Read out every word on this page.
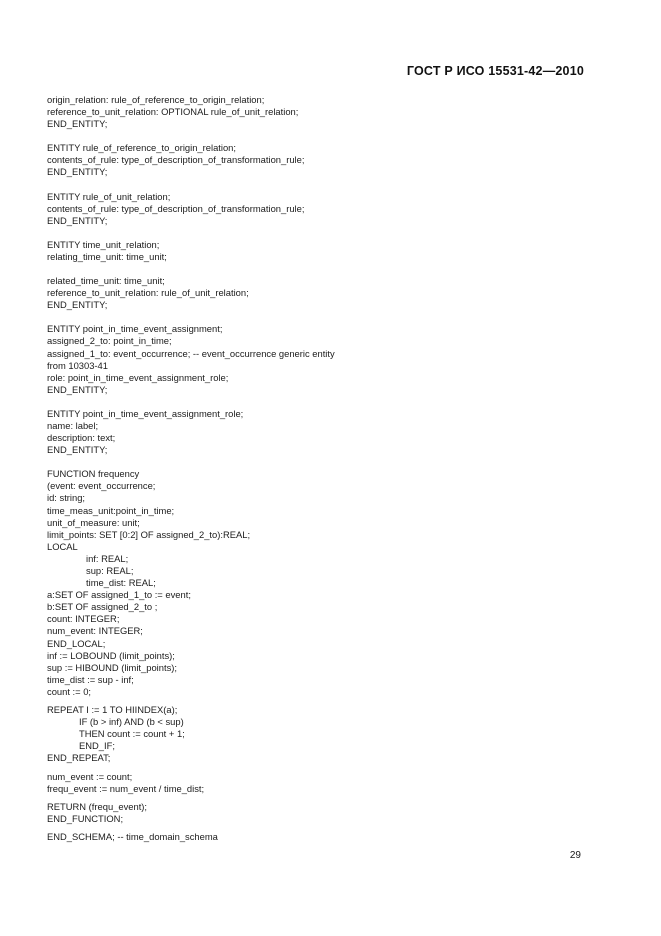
ГОСТ Р ИСО 15531-42—2010
origin_relation: rule_of_reference_to_origin_relation;
reference_to_unit_relation: OPTIONAL rule_of_unit_relation;
END_ENTITY;
ENTITY rule_of_reference_to_origin_relation;
contents_of_rule: type_of_description_of_transformation_rule;
END_ENTITY;
ENTITY rule_of_unit_relation;
contents_of_rule: type_of_description_of_transformation_rule;
END_ENTITY;
ENTITY time_unit_relation;
relating_time_unit: time_unit;
related_time_unit: time_unit;
reference_to_unit_relation: rule_of_unit_relation;
END_ENTITY;
ENTITY point_in_time_event_assignment;
assigned_2_to: point_in_time;
assigned_1_to: event_occurrence; -- event_occurrence generic entity
from 10303-41
role: point_in_time_event_assignment_role;
END_ENTITY;
ENTITY point_in_time_event_assignment_role;
name: label;
description: text;
END_ENTITY;
FUNCTION frequency
(event: event_occurrence;
id: string;
time_meas_unit:point_in_time;
unit_of_measure: unit;
limit_points: SET [0:2] OF assigned_2_to):REAL;
LOCAL
inf: REAL;
sup: REAL;
time_dist: REAL;
a:SET OF assigned_1_to := event;
b:SET OF assigned_2_to ;
count: INTEGER;
num_event: INTEGER;
END_LOCAL;
inf := LOBOUND (limit_points);
sup := HIBOUND (limit_points);
time_dist := sup - inf;
count := 0;
REPEAT I := 1 TO HIINDEX(a);
IF (b > inf) AND (b < sup)
THEN count := count + 1;
END_IF;
END_REPEAT;
num_event := count;
frequ_event := num_event / time_dist;
RETURN (frequ_event);
END_FUNCTION;
END_SCHEMA; -- time_domain_schema
29
